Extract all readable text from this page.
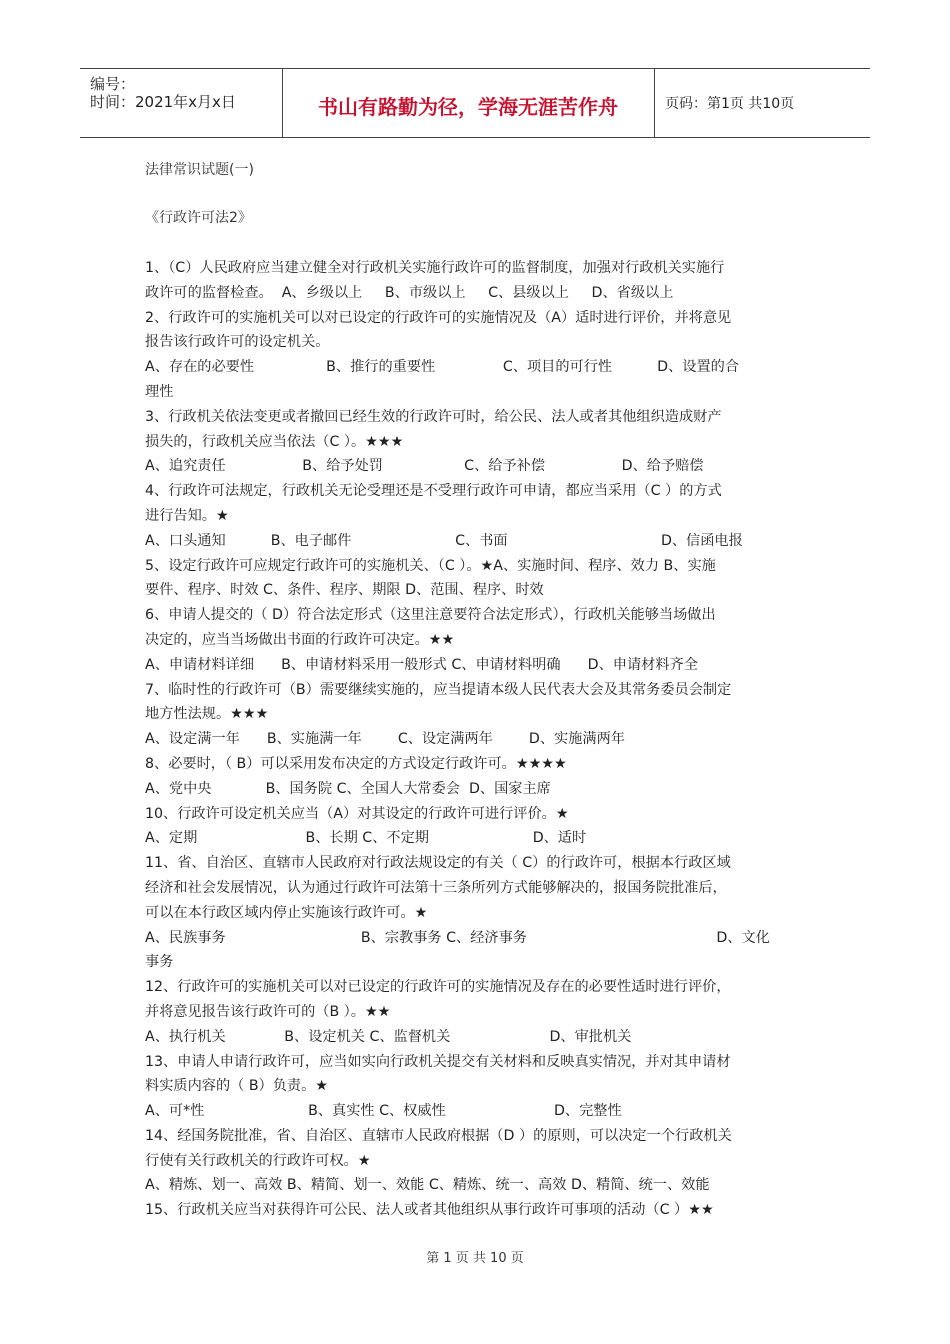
编号：
时间：2021年x月x日	书山有路勤为径，学海无涯苦作舟	页码：第1页 共10页
法律常识试题(一)
《行政许可法2》
1、（C）人民政府应当建立健全对行政机关实施行政许可的监督制度，加强对行政机关实施行
政许可的监督检查。  A、乡级以上     B、市级以上     C、县级以上     D、省级以上
2、行政许可的实施机关可以对已设定的行政许可的实施情况及（A）适时进行评价，并将意见
报告该行政许可的设定机关。
A、存在的必要性                B、推行的重要性               C、项目的可行性          D、设置的合
理性
3、行政机关依法变更或者撤回已经生效的行政许可时，给公民、法人或者其他组织造成财产
损失的，行政机关应当依法（C ）。★★★
A、追究责任                 B、给予处罚                  C、给予补偿                 D、给予赔偿
4、行政许可法规定，行政机关无论受理还是不受理行政许可申请，都应当采用（C ）的方式
进行告知。★
A、口头通知          B、电子邮件                       C、书面                                  D、信函电报
5、设定行政许可应规定行政许可的实施机关、（C ）。★A、实施时间、程序、效力 B、实施
要件、程序、时效 C、条件、程序、期限 D、范围、程序、时效
6、申请人提交的（ D）符合法定形式（这里注意要符合法定形式），行政机关能够当场做出
决定的，应当当场做出书面的行政许可决定。★★
A、申请材料详细      B、申请材料采用一般形式 C、申请材料明确      D、申请材料齐全
7、临时性的行政许可（B）需要继续实施的，应当提请本级人民代表大会及其常务委员会制定
地方性法规。★★★
A、设定满一年      B、实施满一年        C、设定满两年        D、实施满两年
8、必要时，（ B）可以采用发布决定的方式设定行政许可。★★★★
A、党中央            B、国务院 C、全国人大常委会  D、国家主席
10、行政许可设定机关应当（A）对其设定的行政许可进行评价。★
A、定期                        B、长期 C、不定期                       D、适时
11、省、自治区、直辖市人民政府对行政法规设定的有关（ C）的行政许可，根据本行政区域
经济和社会发展情况，认为通过行政许可法第十三条所列方式能够解决的，报国务院批准后，
可以在本行政区域内停止实施该行政许可。★
A、民族事务                              B、宗教事务 C、经济事务                                          D、文化
事务
12、行政许可的实施机关可以对已设定的行政许可的实施情况及存在的必要性适时进行评价，
并将意见报告该行政许可的（B ）。★★
A、执行机关             B、设定机关 C、监督机关                      D、审批机关
13、申请人申请行政许可，应当如实向行政机关提交有关材料和反映真实情况，并对其申请材
料实质内容的（ B）负责。★
A、可*性                       B、真实性 C、权威性                        D、完整性
14、经国务院批准，省、自治区、直辖市人民政府根据（D ）的原则，可以决定一个行政机关
行使有关行政机关的行政许可权。★
A、精炼、划一、高效 B、精简、划一、效能 C、精炼、统一、高效 D、精简、统一、效能
15、行政机关应当对获得许可公民、法人或者其他组织从事行政许可事项的活动（C ）★★
第 1 页 共 10 页
